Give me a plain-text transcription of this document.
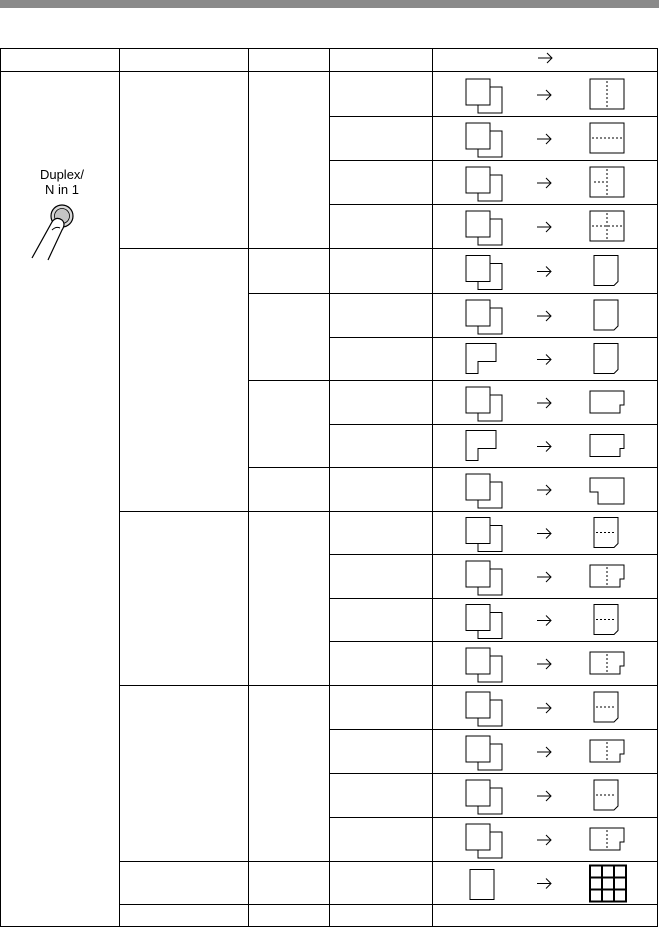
Duplex/
N in 1
